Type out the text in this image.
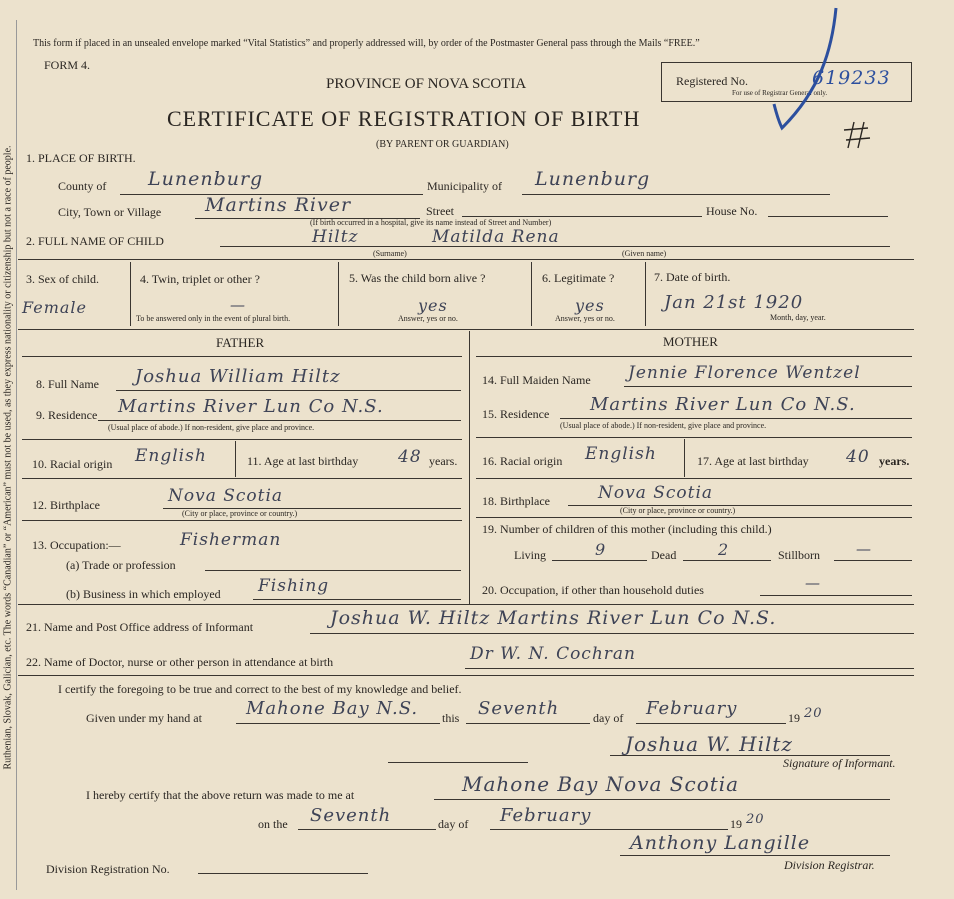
Ruthenian, Slovak, Galician, etc. The words “Canadian” or “American” must not be used, as they express nationality or citizenship but not a race of people.
This form if placed in an unsealed envelope marked “Vital Statistics” and properly addressed will, by order of the Postmaster General pass through the Mails “FREE.”
FORM 4.
PROVINCE OF NOVA SCOTIA
CERTIFICATE OF REGISTRATION OF BIRTH
(BY PARENT OR GUARDIAN)
Registered No.	619233
For use of Registrar General only.
1. PLACE OF BIRTH.
County of Lunenburg	Municipality of Lunenburg
City, Town or Village Martins River	Street
(If birth occurred in a hospital, give its name instead of Street and Number)
House No.
2. FULL NAME OF CHILD	Hiltz	Matilda Rena
(Surname)	(Given name)
3. Sex of child.
Female
4. Twin, triplet or other ?
—
To be answered only in the event of plural birth.
5. Was the child born alive ?
yes
Answer, yes or no.
6. Legitimate ?
yes
Answer, yes or no.
7. Date of birth.
Jan 21st 1920
Month, day, year.
FATHER
8. Full Name Joshua William Hiltz
9. Residence Martins River Lun Co N.S.
(Usual place of abode.) If non-resident, give place and province.
10. Racial origin English	11. Age at last birthday 48 years.
12. Birthplace	Nova Scotia
(City or place, province or country.)
13. Occupation:—	Fisherman
(a) Trade or profession
(b) Business in which employed Fishing
MOTHER
14. Full Maiden Name Jennie Florence Wentzel
15. Residence Martins River Lun Co N.S.
(Usual place of abode.) If non-resident, give place and province.
16. Racial origin English	17. Age at last birthday 40 years.
18. Birthplace	Nova Scotia
(City or place, province or country.)
19. Number of children of this mother (including this child.)
Living	9	Dead	2	Stillborn —
20. Occupation, if other than household duties	—
21. Name and Post Office address of Informant	Joshua W. Hiltz Martins River Lun Co N.S.
22. Name of Doctor, nurse or other person in attendance at birth	Dr W. N. Cochran
I certify the foregoing to be true and correct to the best of my knowledge and belief.
Given under my hand at Mahone Bay N.S. this Seventh	day of February	19 20
Joshua W. Hiltz
Signature of Informant.
I hereby certify that the above return was made to me at	Mahone Bay Nova Scotia
on the Seventh	day of February	19 20
Anthony Langille
Division Registrar.
Division Registration No.
